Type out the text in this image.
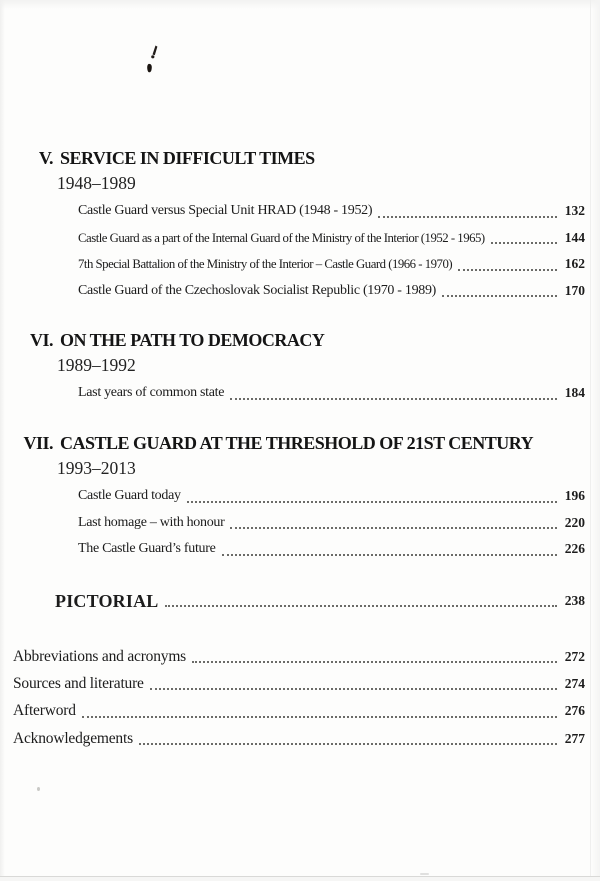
V. SERVICE IN DIFFICULT TIMES
1948–1989
Castle Guard versus Special Unit HRAD (1948 - 1952)	132
Castle Guard as a part of the Internal Guard of the Ministry of the Interior (1952 - 1965)	144
7th Special Battalion of the Ministry of the Interior – Castle Guard (1966 - 1970)	162
Castle Guard of the Czechoslovak Socialist Republic (1970 - 1989)	170
VI. ON THE PATH TO DEMOCRACY
1989–1992
Last years of common state	184
VII. CASTLE GUARD AT THE THRESHOLD OF 21ST CENTURY
1993–2013
Castle Guard today	196
Last homage – with honour	220
The Castle Guard’s future	226
PICTORIAL	238
Abbreviations and acronyms	272
Sources and literature	274
Afterword	276
Acknowledgements	277
